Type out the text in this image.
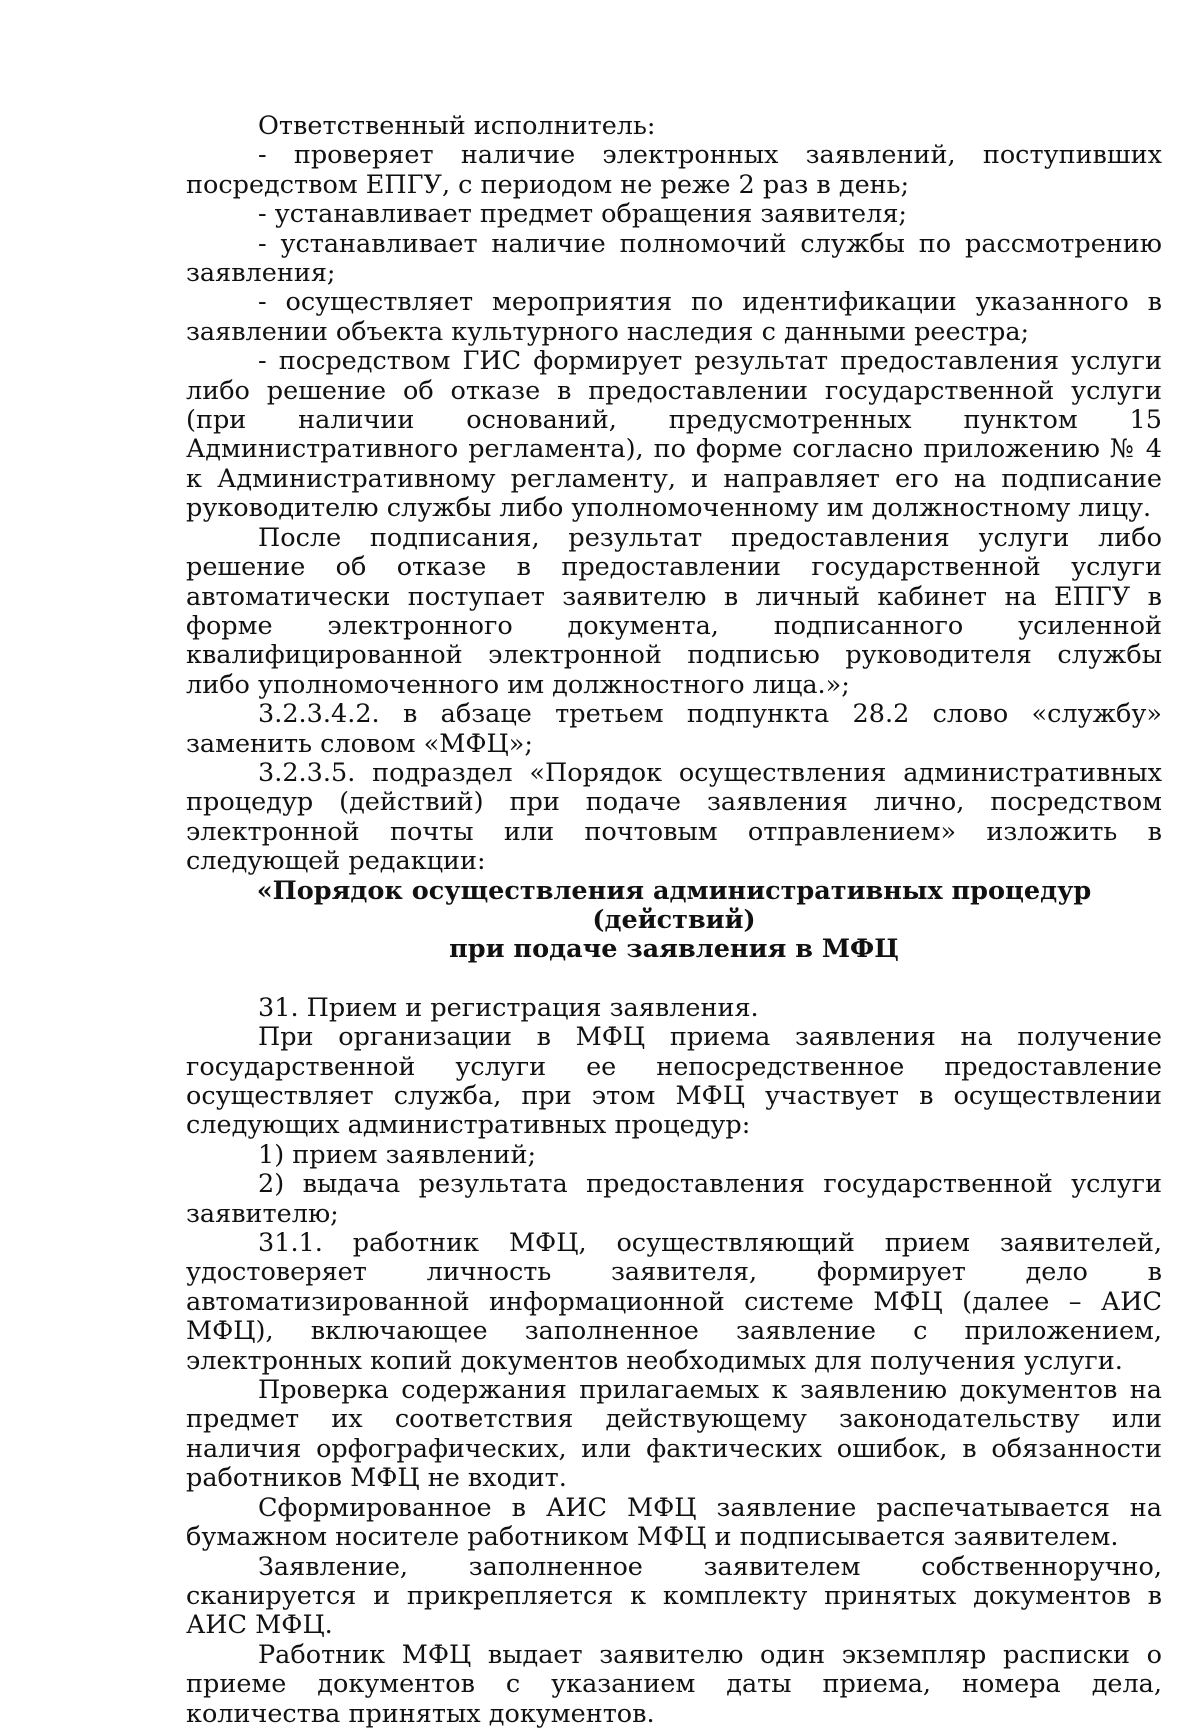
Ответственный исполнитель:

- проверяет наличие электронных заявлений, поступивших посредством ЕПГУ, с периодом не реже 2 раз в день;

- устанавливает предмет обращения заявителя;

- устанавливает наличие полномочий службы по рассмотрению заявления;

- осуществляет мероприятия по идентификации указанного в заявлении объекта культурного наследия с данными реестра;

- посредством ГИС формирует результат предоставления услуги либо решение об отказе в предоставлении государственной услуги (при наличии оснований, предусмотренных пунктом 15 Административного регламента), по форме согласно приложению № 4 к Административному регламенту, и направляет его на подписание руководителю службы либо уполномоченному им должностному лицу.

После подписания, результат предоставления услуги либо решение об отказе в предоставлении государственной услуги автоматически поступает заявителю в личный кабинет на ЕПГУ в форме электронного документа, подписанного усиленной квалифицированной электронной подписью руководителя службы либо уполномоченного им должностного лица.»;

3.2.3.4.2. в абзаце третьем подпункта 28.2 слово «службу» заменить словом «МФЦ»;

3.2.3.5. подраздел «Порядок осуществления административных процедур (действий) при подаче заявления лично, посредством электронной почты или почтовым отправлением» изложить в следующей редакции:

«Порядок осуществления административных процедур (действий)
при подаче заявления в МФЦ

31. Прием и регистрация заявления.

При организации в МФЦ приема заявления на получение государственной услуги ее непосредственное предоставление осуществляет служба, при этом МФЦ участвует в осуществлении следующих административных процедур:

1) прием заявлений;

2) выдача результата предоставления государственной услуги заявителю;

31.1. работник МФЦ, осуществляющий прием заявителей, удостоверяет личность заявителя, формирует дело в автоматизированной информационной системе МФЦ (далее – АИС МФЦ), включающее заполненное заявление с приложением, электронных копий документов необходимых для получения услуги.

Проверка содержания прилагаемых к заявлению документов на предмет их соответствия действующему законодательству или наличия орфографических, или фактических ошибок, в обязанности работников МФЦ не входит.

Сформированное в АИС МФЦ заявление распечатывается на бумажном носителе работником МФЦ и подписывается заявителем.

Заявление, заполненное заявителем собственноручно, сканируется и прикрепляется к комплекту принятых документов в АИС МФЦ.

Работник МФЦ выдает заявителю один экземпляр расписки о приеме документов с указанием даты приема, номера дела, количества принятых документов.
